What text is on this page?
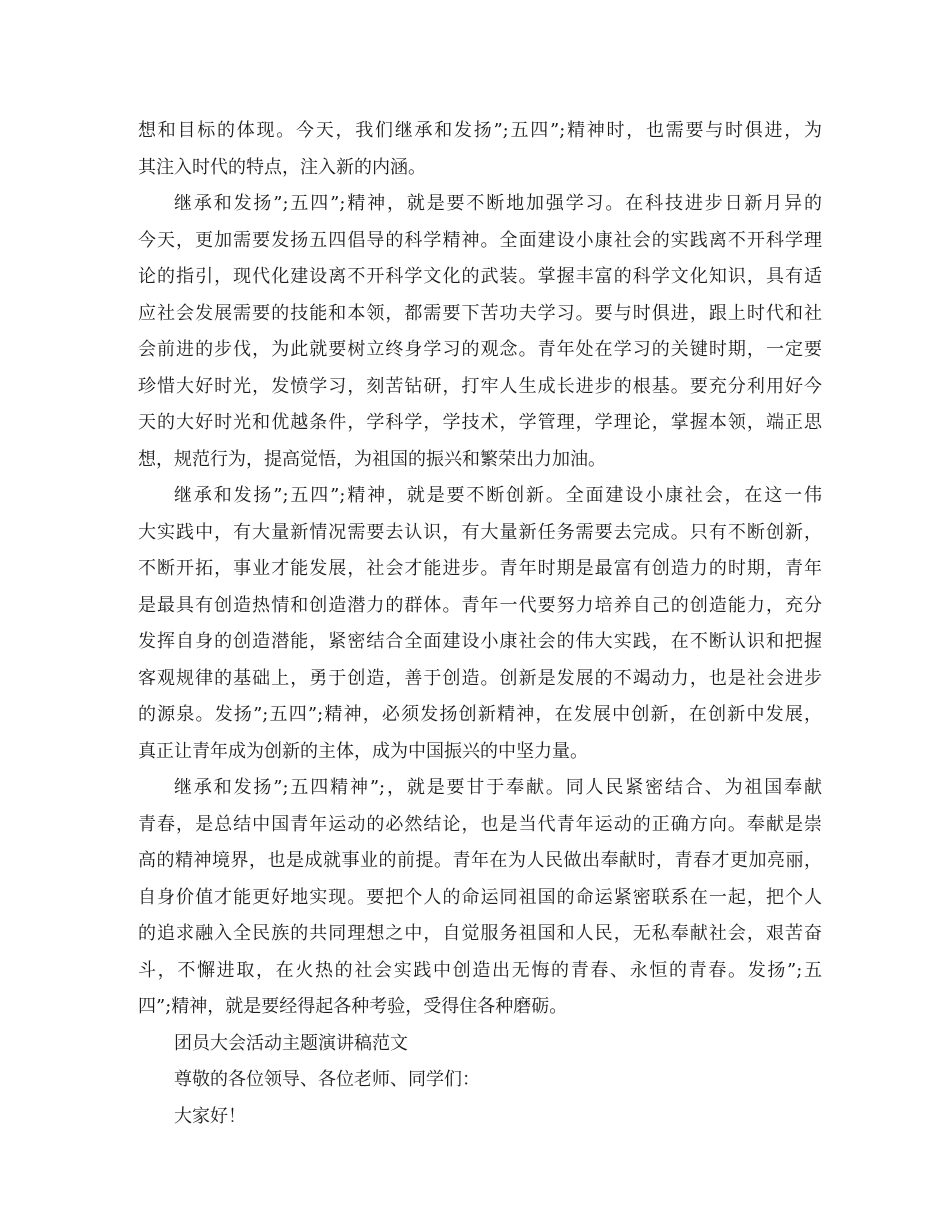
想和目标的体现。今天，我们继承和发扬”;五四”;精神时，也需要与时俱进，为
其注入时代的特点，注入新的内涵。
继承和发扬”;五四”;精神，就是要不断地加强学习。在科技进步日新月异的
今天，更加需要发扬五四倡导的科学精神。全面建设小康社会的实践离不开科学理
论的指引，现代化建设离不开科学文化的武装。掌握丰富的科学文化知识，具有适
应社会发展需要的技能和本领，都需要下苦功夫学习。要与时俱进，跟上时代和社
会前进的步伐，为此就要树立终身学习的观念。青年处在学习的关键时期，一定要
珍惜大好时光，发愤学习，刻苦钻研，打牢人生成长进步的根基。要充分利用好今
天的大好时光和优越条件，学科学，学技术，学管理，学理论，掌握本领，端正思
想，规范行为，提高觉悟，为祖国的振兴和繁荣出力加油。
继承和发扬”;五四”;精神，就是要不断创新。全面建设小康社会，在这一伟
大实践中，有大量新情况需要去认识，有大量新任务需要去完成。只有不断创新，
不断开拓，事业才能发展，社会才能进步。青年时期是最富有创造力的时期，青年
是最具有创造热情和创造潜力的群体。青年一代要努力培养自己的创造能力，充分
发挥自身的创造潜能，紧密结合全面建设小康社会的伟大实践，在不断认识和把握
客观规律的基础上，勇于创造，善于创造。创新是发展的不竭动力，也是社会进步
的源泉。发扬”;五四”;精神，必须发扬创新精神，在发展中创新，在创新中发展，
真正让青年成为创新的主体，成为中国振兴的中坚力量。
继承和发扬”;五四精神”;，就是要甘于奉献。同人民紧密结合、为祖国奉献
青春，是总结中国青年运动的必然结论，也是当代青年运动的正确方向。奉献是崇
高的精神境界，也是成就事业的前提。青年在为人民做出奉献时，青春才更加亮丽，
自身价值才能更好地实现。要把个人的命运同祖国的命运紧密联系在一起，把个人
的追求融入全民族的共同理想之中，自觉服务祖国和人民，无私奉献社会，艰苦奋
斗，不懈进取，在火热的社会实践中创造出无悔的青春、永恒的青春。发扬”;五
四”;精神，就是要经得起各种考验，受得住各种磨砺。
团员大会活动主题演讲稿范文
尊敬的各位领导、各位老师、同学们：
大家好！
